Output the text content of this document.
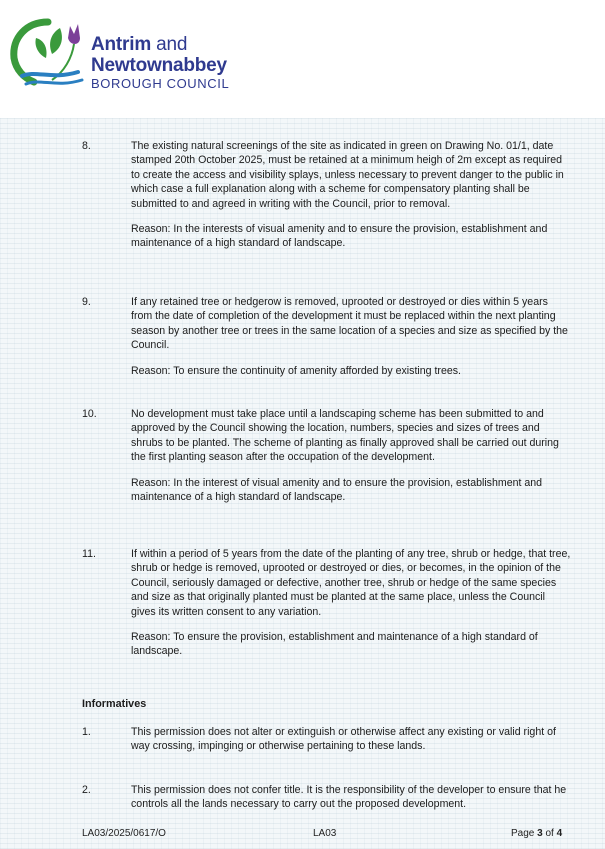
Antrim and
Newtownabbey
BOROUGH COUNCIL
8.	The existing natural screenings of the site as indicated in green on Drawing No. 01/1, date stamped 20th October 2025, must be retained at a minimum heigh of 2m except as required to create the access and visibility splays, unless necessary to prevent danger to the public in which case a full explanation along with a scheme for compensatory planting shall be submitted to and agreed in writing with the Council, prior to removal.

Reason: In the interests of visual amenity and to ensure the provision, establishment and maintenance of a high standard of landscape.

9.	If any retained tree or hedgerow is removed, uprooted or destroyed or dies within 5 years from the date of completion of the development it must be replaced within the next planting season by another tree or trees in the same location of a species and size as specified by the Council.

Reason: To ensure the continuity of amenity afforded by existing trees.

10.	No development must take place until a landscaping scheme has been submitted to and approved by the Council showing the location, numbers, species and sizes of trees and shrubs to be planted. The scheme of planting as finally approved shall be carried out during the first planting season after the occupation of the development.

Reason: In the interest of visual amenity and to ensure the provision, establishment and maintenance of a high standard of landscape.

11.	If within a period of 5 years from the date of the planting of any tree, shrub or hedge, that tree, shrub or hedge is removed, uprooted or destroyed or dies, or becomes, in the opinion of the Council, seriously damaged or defective, another tree, shrub or hedge of the same species and size as that originally planted must be planted at the same place, unless the Council gives its written consent to any variation.

Reason: To ensure the provision, establishment and maintenance of a high standard of landscape.

Informatives
1.	This permission does not alter or extinguish or otherwise affect any existing or valid right of way crossing, impinging or otherwise pertaining to these lands.

2.	This permission does not confer title. It is the responsibility of the developer to ensure that he controls all the lands necessary to carry out the proposed development.

LA03/2025/0617/O	LA03	Page 3 of 4
